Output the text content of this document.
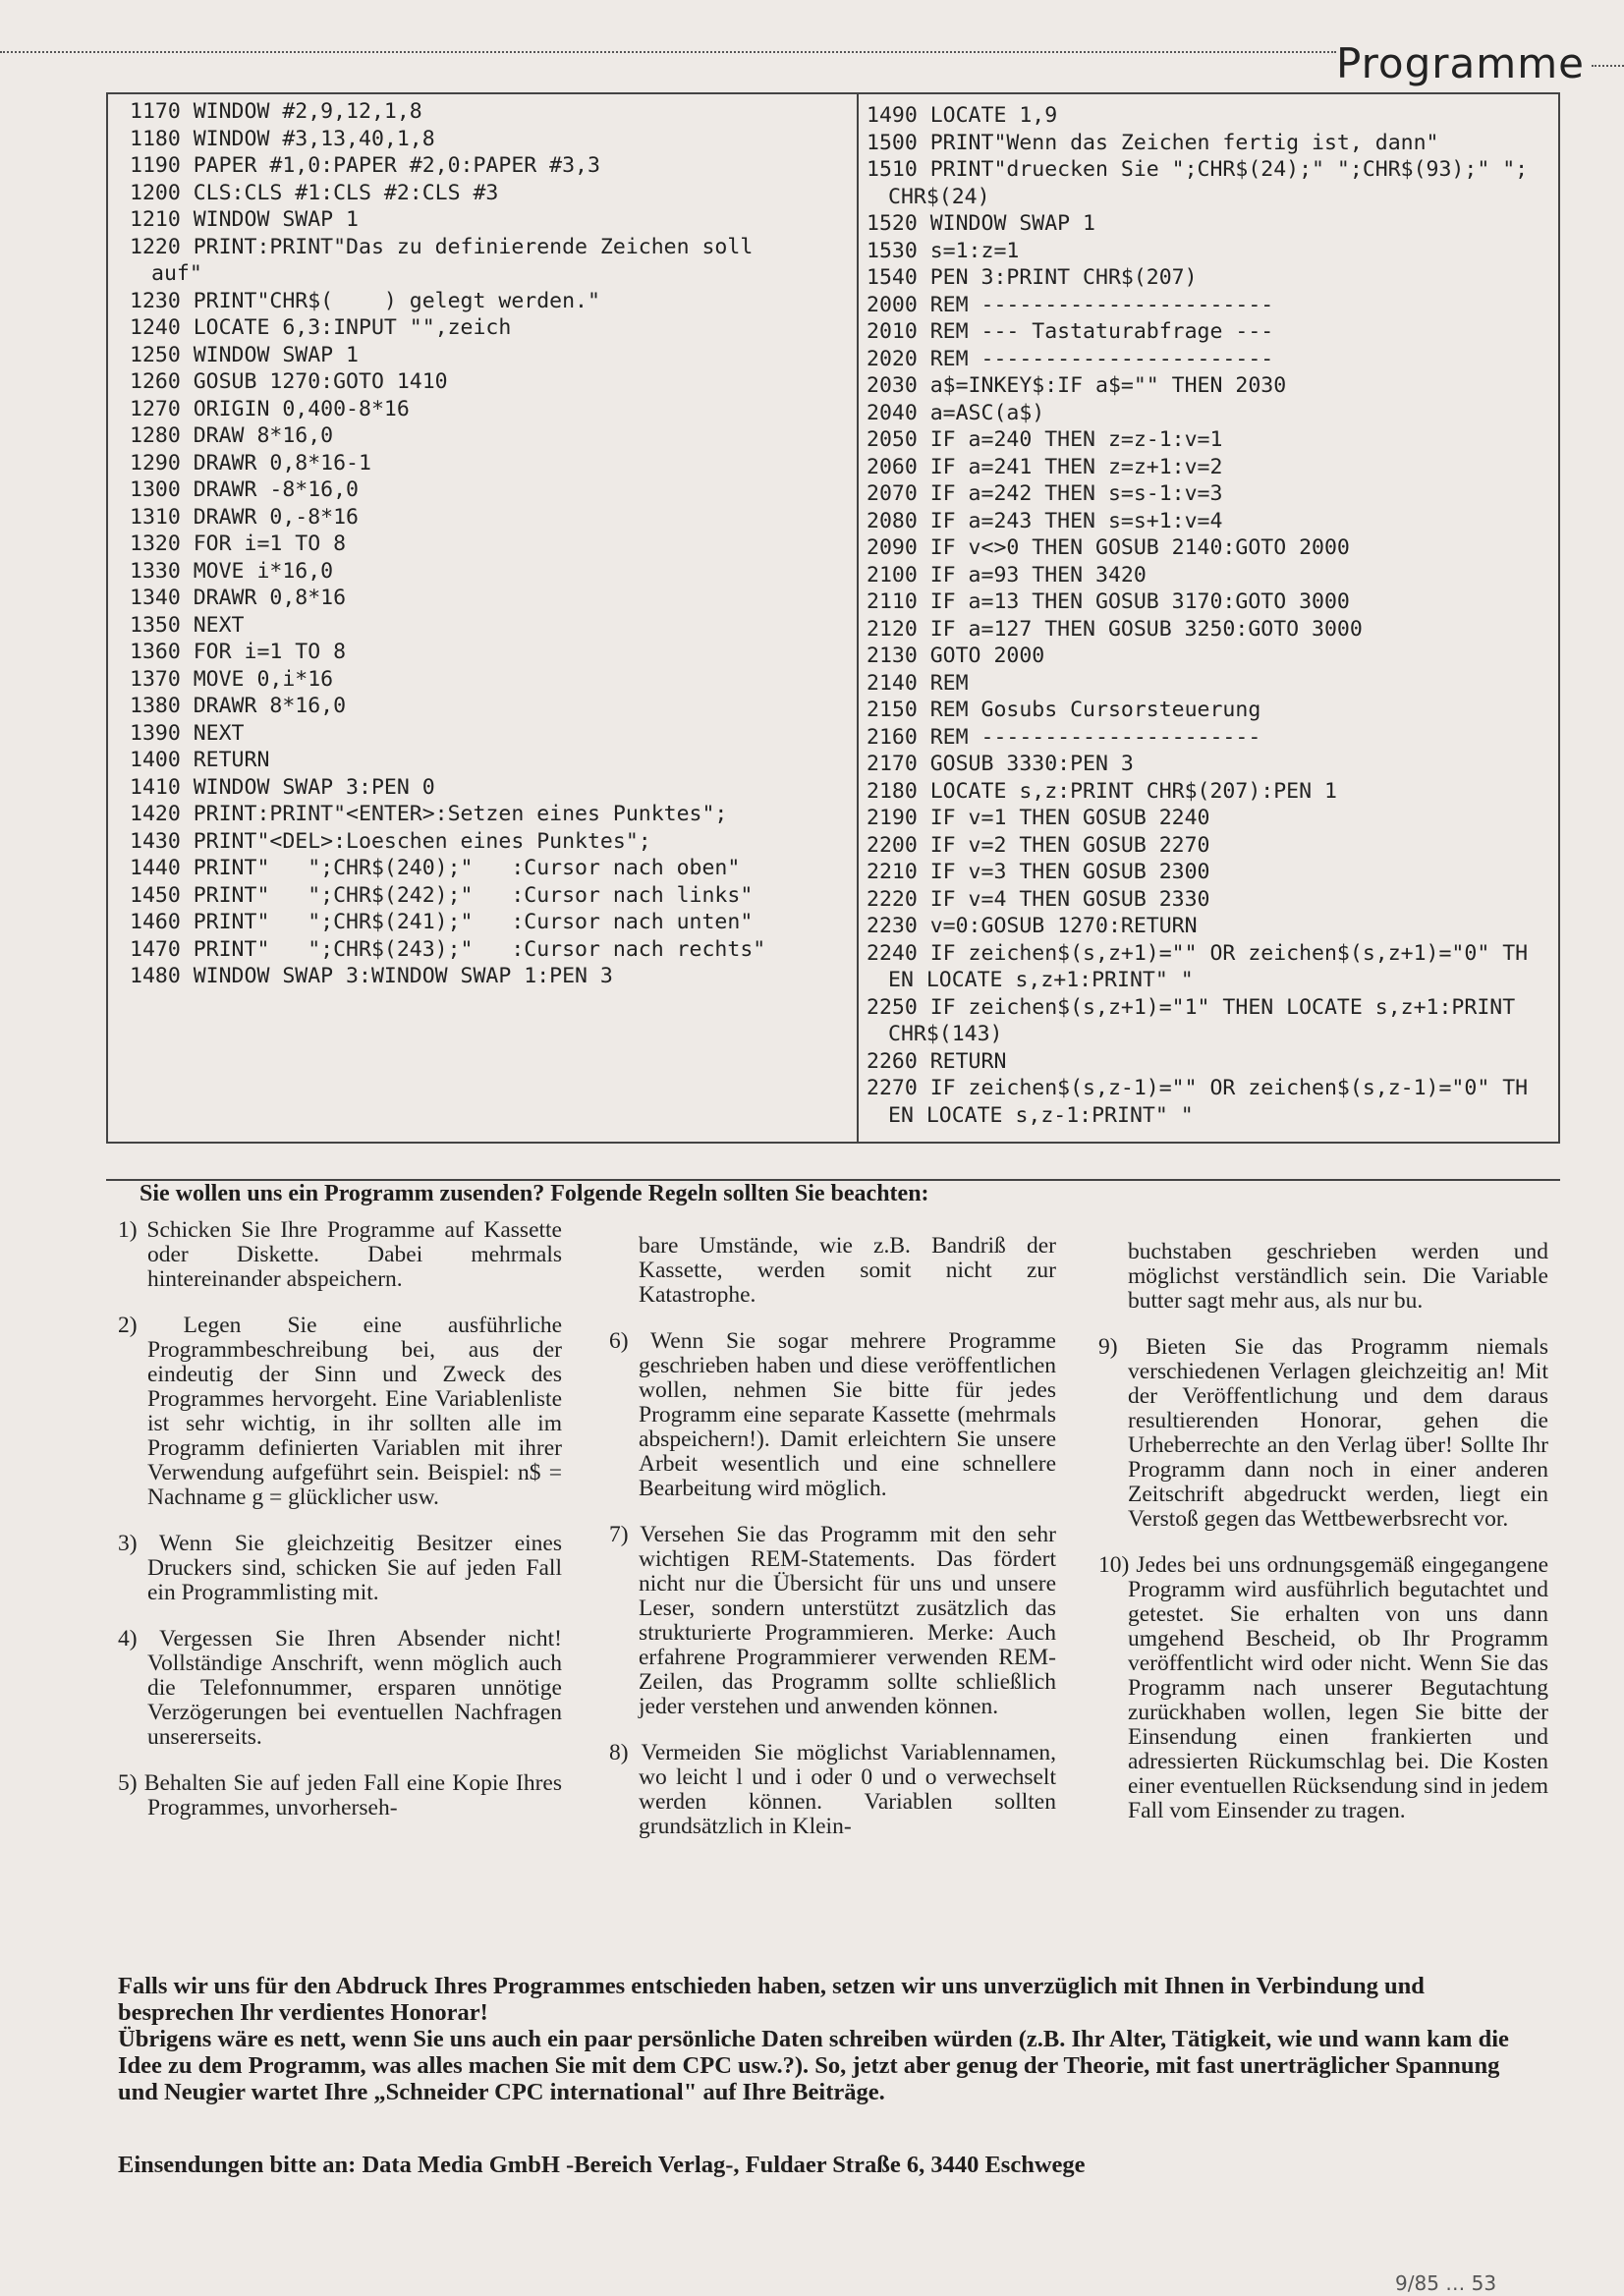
Programme
1170 WINDOW #2,9,12,1,8
1180 WINDOW #3,13,40,1,8
1190 PAPER #1,0:PAPER #2,0:PAPER #3,3
1200 CLS:CLS #1:CLS #2:CLS #3
1210 WINDOW SWAP 1
1220 PRINT:PRINT"Das zu definierende Zeichen soll auf"
1230 PRINT"CHR$(    ) gelegt werden."
1240 LOCATE 6,3:INPUT "",zeich
1250 WINDOW SWAP 1
1260 GOSUB 1270:GOTO 1410
1270 ORIGIN 0,400-8*16
1280 DRAW 8*16,0
1290 DRAWR 0,8*16-1
1300 DRAWR -8*16,0
1310 DRAWR 0,-8*16
1320 FOR i=1 TO 8
1330 MOVE i*16,0
1340 DRAWR 0,8*16
1350 NEXT
1360 FOR i=1 TO 8
1370 MOVE 0,i*16
1380 DRAWR 8*16,0
1390 NEXT
1400 RETURN
1410 WINDOW SWAP 3:PEN 0
1420 PRINT:PRINT"<ENTER>:Setzen eines Punktes";
1430 PRINT"<DEL>:Loeschen eines Punktes";
1440 PRINT"   ";CHR$(240);"   :Cursor nach oben"
1450 PRINT"   ";CHR$(242);"   :Cursor nach links"
1460 PRINT"   ";CHR$(241);"   :Cursor nach unten"
1470 PRINT"   ";CHR$(243);"   :Cursor nach rechts"
1480 WINDOW SWAP 3:WINDOW SWAP 1:PEN 3
1490 LOCATE 1,9
1500 PRINT"Wenn das Zeichen fertig ist, dann"
1510 PRINT"druecken Sie ";CHR$(24);" ";CHR$(93);" ";CHR$(24)
1520 WINDOW SWAP 1
1530 s=1:z=1
1540 PEN 3:PRINT CHR$(207)
2000 REM -----------------------
2010 REM --- Tastaturabfrage ---
2020 REM -----------------------
2030 a$=INKEY$:IF a$="" THEN 2030
2040 a=ASC(a$)
2050 IF a=240 THEN z=z-1:v=1
2060 IF a=241 THEN z=z+1:v=2
2070 IF a=242 THEN s=s-1:v=3
2080 IF a=243 THEN s=s+1:v=4
2090 IF v<>0 THEN GOSUB 2140:GOTO 2000
2100 IF a=93 THEN 3420
2110 IF a=13 THEN GOSUB 3170:GOTO 3000
2120 IF a=127 THEN GOSUB 3250:GOTO 3000
2130 GOTO 2000
2140 REM
2150 REM Gosubs Cursorsteuerung
2160 REM ----------------------
2170 GOSUB 3330:PEN 3
2180 LOCATE s,z:PRINT CHR$(207):PEN 1
2190 IF v=1 THEN GOSUB 2240
2200 IF v=2 THEN GOSUB 2270
2210 IF v=3 THEN GOSUB 2300
2220 IF v=4 THEN GOSUB 2330
2230 v=0:GOSUB 1270:RETURN
2240 IF zeichen$(s,z+1)="" OR zeichen$(s,z+1)="0" THEN LOCATE s,z+1:PRINT" "
2250 IF zeichen$(s,z+1)="1" THEN LOCATE s,z+1:PRINT CHR$(143)
2260 RETURN
2270 IF zeichen$(s,z-1)="" OR zeichen$(s,z-1)="0" THEN LOCATE s,z-1:PRINT" "
Sie wollen uns ein Programm zusenden? Folgende Regeln sollten Sie beachten:

1) Schicken Sie Ihre Programme auf Kassette oder Diskette. Dabei mehrmals hintereinander abspeichern.

2) Legen Sie eine ausführliche Programmbeschreibung bei, aus der eindeutig der Sinn und Zweck des Programmes hervorgeht. Eine Variablenliste ist sehr wichtig, in ihr sollten alle im Programm definierten Variablen mit ihrer Verwendung aufgeführt sein. Beispiel: n$ = Nachname g = glücklicher usw.

3) Wenn Sie gleichzeitig Besitzer eines Druckers sind, schicken Sie auf jeden Fall ein Programmlisting mit.

4) Vergessen Sie Ihren Absender nicht! Vollständige Anschrift, wenn möglich auch die Telefonnummer, ersparen unnötige Verzögerungen bei eventuellen Nachfragen unsererseits.

5) Behalten Sie auf jeden Fall eine Kopie Ihres Programmes, unvorherseh-

bare Umstände, wie z.B. Bandriß der Kassette, werden somit nicht zur Katastrophe.

6) Wenn Sie sogar mehrere Programme geschrieben haben und diese veröffentlichen wollen, nehmen Sie bitte für jedes Programm eine separate Kassette (mehrmals abspeichern!). Damit erleichtern Sie unsere Arbeit wesentlich und eine schnellere Bearbeitung wird möglich.

7) Versehen Sie das Programm mit den sehr wichtigen REM-Statements. Das fördert nicht nur die Übersicht für uns und unsere Leser, sondern unterstützt zusätzlich das strukturierte Programmieren. Merke: Auch erfahrene Programmierer verwenden REM-Zeilen, das Programm sollte schließlich jeder verstehen und anwenden können.

8) Vermeiden Sie möglichst Variablennamen, wo leicht l und i oder 0 und o verwechselt werden können. Variablen sollten grundsätzlich in Klein-

buchstaben geschrieben werden und möglichst verständlich sein. Die Variable butter sagt mehr aus, als nur bu.

9) Bieten Sie das Programm niemals verschiedenen Verlagen gleichzeitig an! Mit der Veröffentlichung und dem daraus resultierenden Honorar, gehen die Urheberrechte an den Verlag über! Sollte Ihr Programm dann noch in einer anderen Zeitschrift abgedruckt werden, liegt ein Verstoß gegen das Wettbewerbsrecht vor.

10) Jedes bei uns ordnungsgemäß eingegangene Programm wird ausführlich begutachtet und getestet. Sie erhalten von uns dann umgehend Bescheid, ob Ihr Programm veröffentlicht wird oder nicht. Wenn Sie das Programm nach unserer Begutachtung zurückhaben wollen, legen Sie bitte der Einsendung einen frankierten und adressierten Rückumschlag bei. Die Kosten einer eventuellen Rücksendung sind in jedem Fall vom Einsender zu tragen.

Falls wir uns für den Abdruck Ihres Programmes entschieden haben, setzen wir uns unverzüglich mit Ihnen in Verbindung und besprechen Ihr verdientes Honorar!

Übrigens wäre es nett, wenn Sie uns auch ein paar persönliche Daten schreiben würden (z.B. Ihr Alter, Tätigkeit, wie und wann kam die Idee zu dem Programm, was alles machen Sie mit dem CPC usw.?). So, jetzt aber genug der Theorie, mit fast unerträglicher Spannung und Neugier wartet Ihre „Schneider CPC international" auf Ihre Beiträge.

Einsendungen bitte an: Data Media GmbH -Bereich Verlag-, Fuldaer Straße 6, 3440 Eschwege
9/85 … 53
